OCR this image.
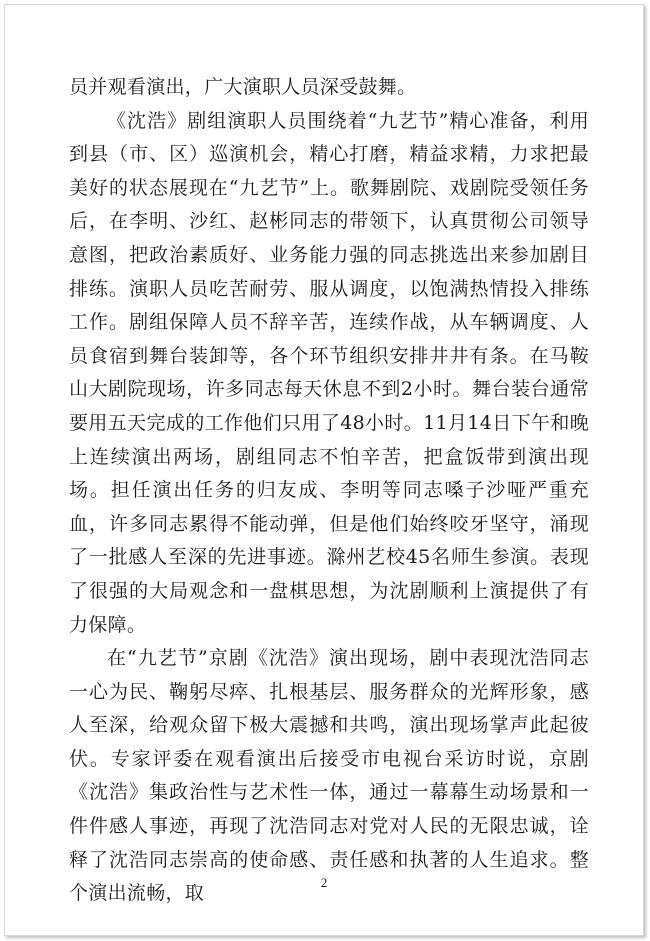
员并观看演出，广大演职人员深受鼓舞。

《沈浩》剧组演职人员围绕着“九艺节”精心准备，利用到县（市、区）巡演机会，精心打磨，精益求精，力求把最美好的状态展现在“九艺节”上。歌舞剧院、戏剧院受领任务后，在李明、沙红、赵彬同志的带领下，认真贯彻公司领导意图，把政治素质好、业务能力强的同志挑选出来参加剧目排练。演职人员吃苦耐劳、服从调度，以饱满热情投入排练工作。剧组保障人员不辞辛苦，连续作战，从车辆调度、人员食宿到舞台装卸等，各个环节组织安排井井有条。在马鞍山大剧院现场，许多同志每天休息不到2小时。舞台装台通常要用五天完成的工作他们只用了48小时。11月14日下午和晚上连续演出两场，剧组同志不怕辛苦，把盒饭带到演出现场。担任演出任务的归友成、李明等同志嗓子沙哑严重充血，许多同志累得不能动弹，但是他们始终咬牙坚守，涌现了一批感人至深的先进事迹。滁州艺校45名师生参演。表现了很强的大局观念和一盘棋思想，为沈剧顺利上演提供了有力保障。

在“九艺节”京剧《沈浩》演出现场，剧中表现沈浩同志一心为民、鞠躬尽瘁、扎根基层、服务群众的光辉形象，感人至深，给观众留下极大震撼和共鸣，演出现场掌声此起彼伏。专家评委在观看演出后接受市电视台采访时说，京剧《沈浩》集政治性与艺术性一体，通过一幕幕生动场景和一件件感人事迹，再现了沈浩同志对党对人民的无限忠诚，诠释了沈浩同志崇高的使命感、责任感和执著的人生追求。整个演出流畅，取	2
